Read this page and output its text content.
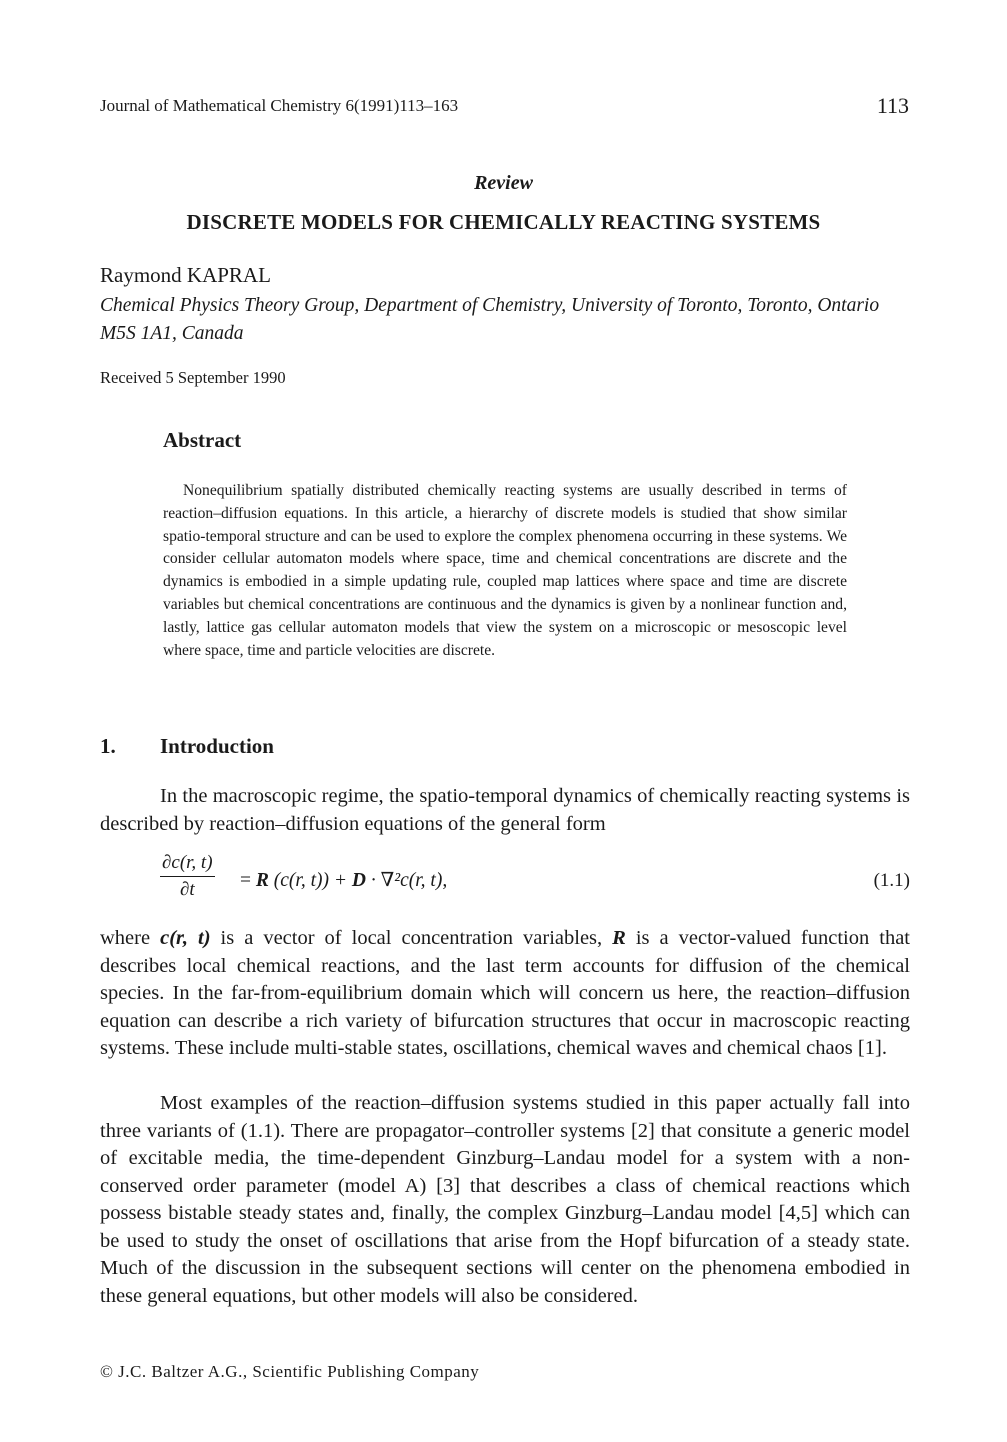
Journal of Mathematical Chemistry 6(1991)113–163	113
Review
DISCRETE MODELS FOR CHEMICALLY REACTING SYSTEMS
Raymond KAPRAL
Chemical Physics Theory Group, Department of Chemistry, University of Toronto, Toronto, Ontario M5S 1A1, Canada
Received 5 September 1990
Abstract
Nonequilibrium spatially distributed chemically reacting systems are usually described in terms of reaction–diffusion equations. In this article, a hierarchy of discrete models is studied that show similar spatio-temporal structure and can be used to explore the complex phenomena occurring in these systems. We consider cellular automaton models where space, time and chemical concentrations are discrete and the dynamics is embodied in a simple updating rule, coupled map lattices where space and time are discrete variables but chemical concentrations are continuous and the dynamics is given by a nonlinear function and, lastly, lattice gas cellular automaton models that view the system on a microscopic or mesoscopic level where space, time and particle velocities are discrete.
1. Introduction
In the macroscopic regime, the spatio-temporal dynamics of chemically reacting systems is described by reaction–diffusion equations of the general form
$\frac{\partial c(r, t)}{\partial t} = R$ (c(r, t)) + D · ∇²c(r, t),	(1.1)
where c(r, t) is a vector of local concentration variables, R is a vector-valued function that describes local chemical reactions, and the last term accounts for diffusion of the chemical species. In the far-from-equilibrium domain which will concern us here, the reaction–diffusion equation can describe a rich variety of bifurcation structures that occur in macroscopic reacting systems. These include multi-stable states, oscillations, chemical waves and chemical chaos [1].
Most examples of the reaction–diffusion systems studied in this paper actually fall into three variants of (1.1). There are propagator–controller systems [2] that consitute a generic model of excitable media, the time-dependent Ginzburg–Landau model for a system with a non-conserved order parameter (model A) [3] that describes a class of chemical reactions which possess bistable steady states and, finally, the complex Ginzburg–Landau model [4,5] which can be used to study the onset of oscillations that arise from the Hopf bifurcation of a steady state. Much of the discussion in the subsequent sections will center on the phenomena embodied in these general equations, but other models will also be considered.
© J.C. Baltzer A.G., Scientific Publishing Company
